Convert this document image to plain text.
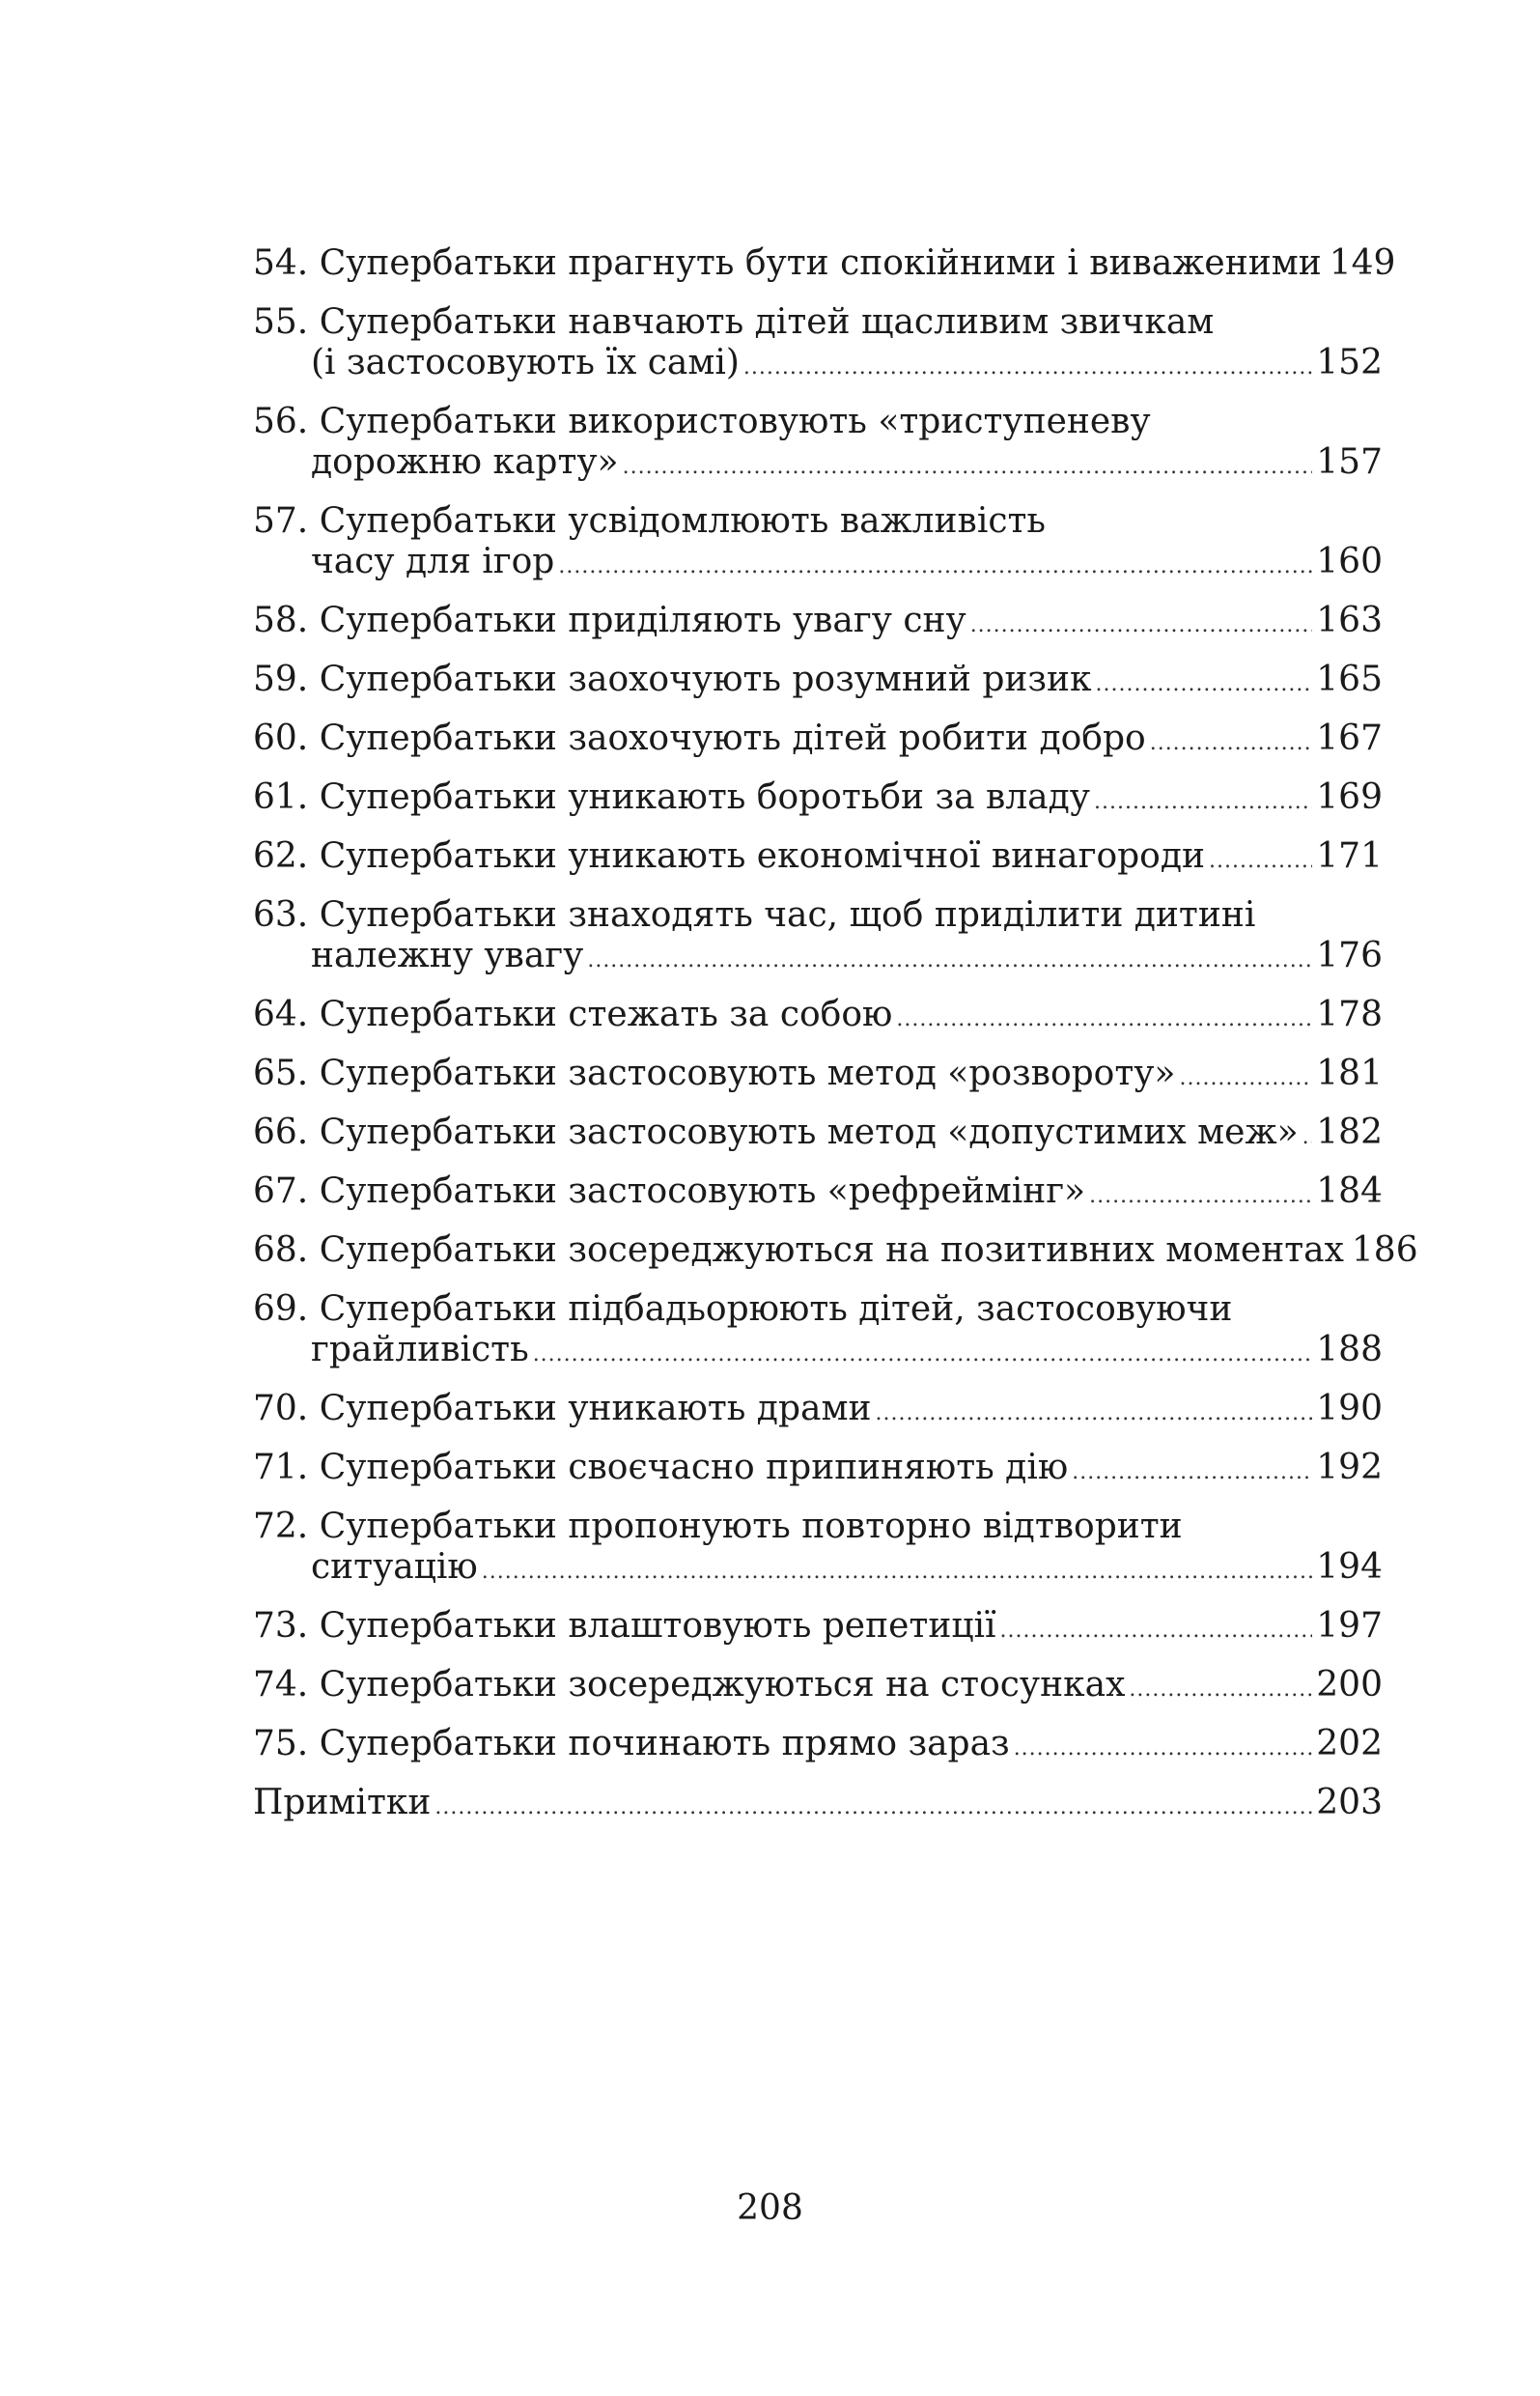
54. Супербатьки прагнуть бути спокійними і виваженими 149
55. Супербатьки навчають дітей щасливим звичкам
(і застосовують їх самі) .....	152
56. Супербатьки використовують «триступеневу
дорожню карту» .....	157
57. Супербатьки усвідомлюють важливість
часу для ігор .....	160
58. Супербатьки приділяють увагу сну .....	163
59. Супербатьки заохочують розумний ризик .....	165
60. Супербатьки заохочують дітей робити добро .....	167
61. Супербатьки уникають боротьби за владу .....	169
62. Супербатьки уникають економічної винагороди .....	171
63. Супербатьки знаходять час, щоб приділити дитині
належну увагу .....	176
64. Супербатьки стежать за собою .....	178
65. Супербатьки застосовують метод «розвороту» .....	181
66. Супербатьки застосовують метод «допустимих меж» ..... 182
67. Супербатьки застосовують «рефреймінг» .....	184
68. Супербатьки зосереджуються на позитивних моментах 186
69. Супербатьки підбадьорюють дітей, застосовуючи
грайливість .....	188
70. Супербатьки уникають драми .....	190
71. Супербатьки своєчасно припиняють дію .....	192
72. Супербатьки пропонують повторно відтворити
ситуацію .....	194
73. Супербатьки влаштовують репетиції .....	197
74. Супербатьки зосереджуються на стосунках .....	200
75. Супербатьки починають прямо зараз .....	202
Примітки .....	203
208
